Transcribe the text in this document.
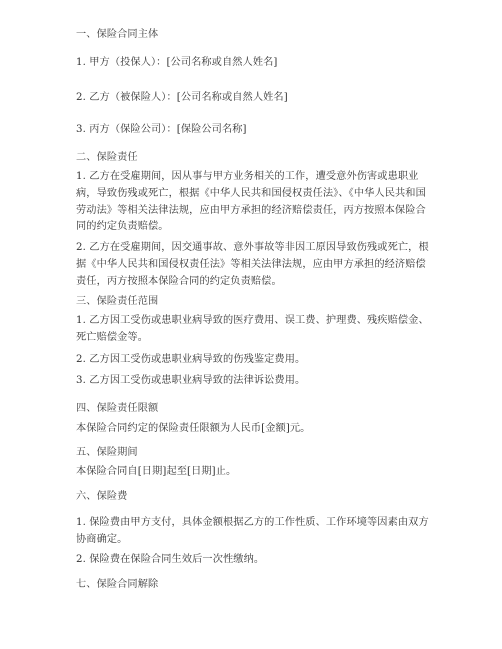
一、保险合同主体
1. 甲方（投保人）：[公司名称或自然人姓名]
2. 乙方（被保险人）：[公司名称或自然人姓名]
3. 丙方（保险公司）：[保险公司名称]
二、保险责任
1. 乙方在受雇期间，因从事与甲方业务相关的工作，遭受意外伤害或患职业病，导致伤残或死亡，根据《中华人民共和国侵权责任法》、《中华人民共和国劳动法》等相关法律法规，应由甲方承担的经济赔偿责任，丙方按照本保险合同的约定负责赔偿。
2. 乙方在受雇期间，因交通事故、意外事故等非因工原因导致伤残或死亡，根据《中华人民共和国侵权责任法》等相关法律法规，应由甲方承担的经济赔偿责任，丙方按照本保险合同的约定负责赔偿。
三、保险责任范围
1. 乙方因工受伤或患职业病导致的医疗费用、误工费、护理费、残疾赔偿金、死亡赔偿金等。
2. 乙方因工受伤或患职业病导致的伤残鉴定费用。
3. 乙方因工受伤或患职业病导致的法律诉讼费用。
四、保险责任限额
本保险合同约定的保险责任限额为人民币[金额]元。
五、保险期间
本保险合同自[日期]起至[日期]止。
六、保险费
1. 保险费由甲方支付，具体金额根据乙方的工作性质、工作环境等因素由双方协商确定。
2. 保险费在保险合同生效后一次性缴纳。
七、保险合同解除
